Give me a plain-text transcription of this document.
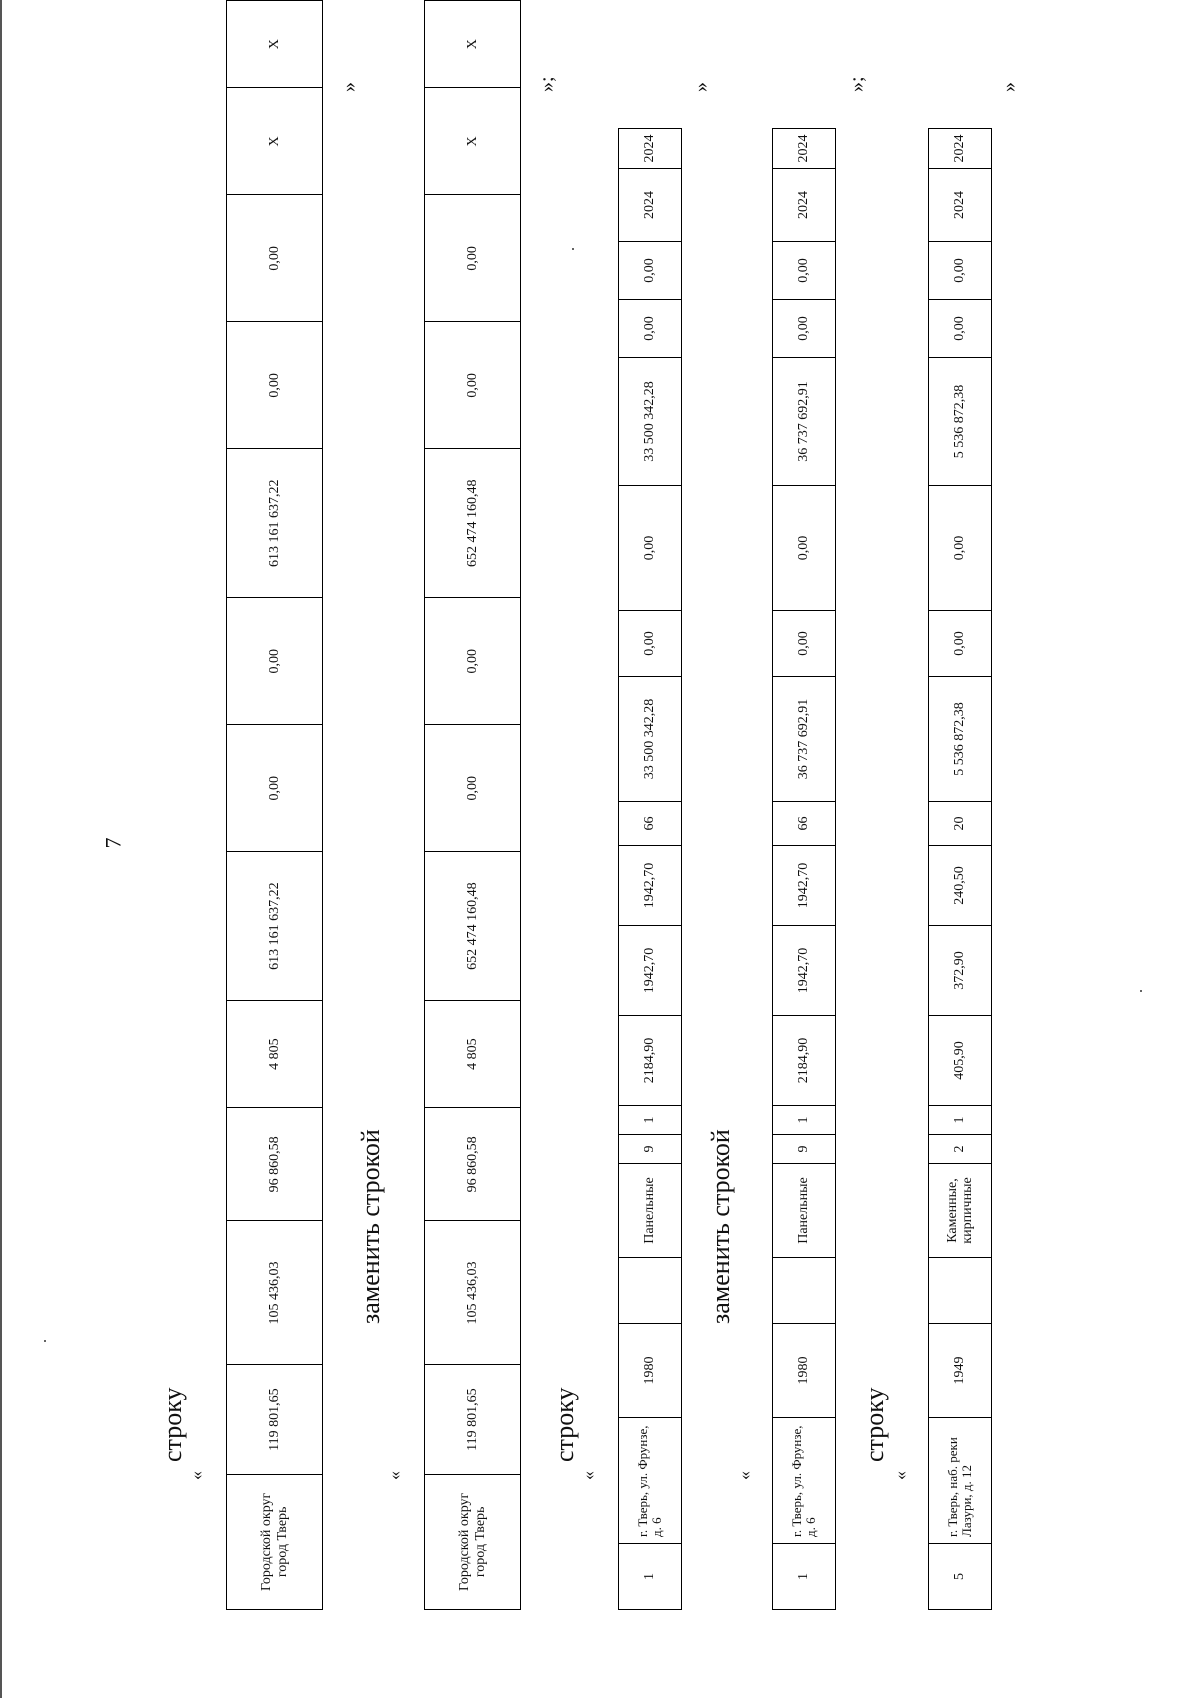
7
строку
«
Городской округ город Тверь	119 801,65	105 436,03	96 860,58	4 805	613 161 637,22	0,00	0,00	613 161 637,22	0,00	0,00	X	X
»
заменить строкой
«
Городской округ город Тверь	119 801,65	105 436,03	96 860,58	4 805	652 474 160,48	0,00	0,00	652 474 160,48	0,00	0,00	X	X
»;
строку
«
1	г. Тверь, ул. Фрунзе, д. 6	1980		Панельные	9	1	2184,90	1942,70	1942,70	66	33 500 342,28	0,00	0,00	33 500 342,28	0,00	0,00	2024	2024
»
заменить строкой
«
1	г. Тверь, ул. Фрунзе, д. 6	1980		Панельные	9	1	2184,90	1942,70	1942,70	66	36 737 692,91	0,00	0,00	36 737 692,91	0,00	0,00	2024	2024
»;
строку
«
5	г. Тверь, наб. реки Лазури, д. 12	1949		Каменные, кирпичные	2	1	405,90	372,90	240,50	20	5 536 872,38	0,00	0,00	5 536 872,38	0,00	0,00	2024	2024
»
